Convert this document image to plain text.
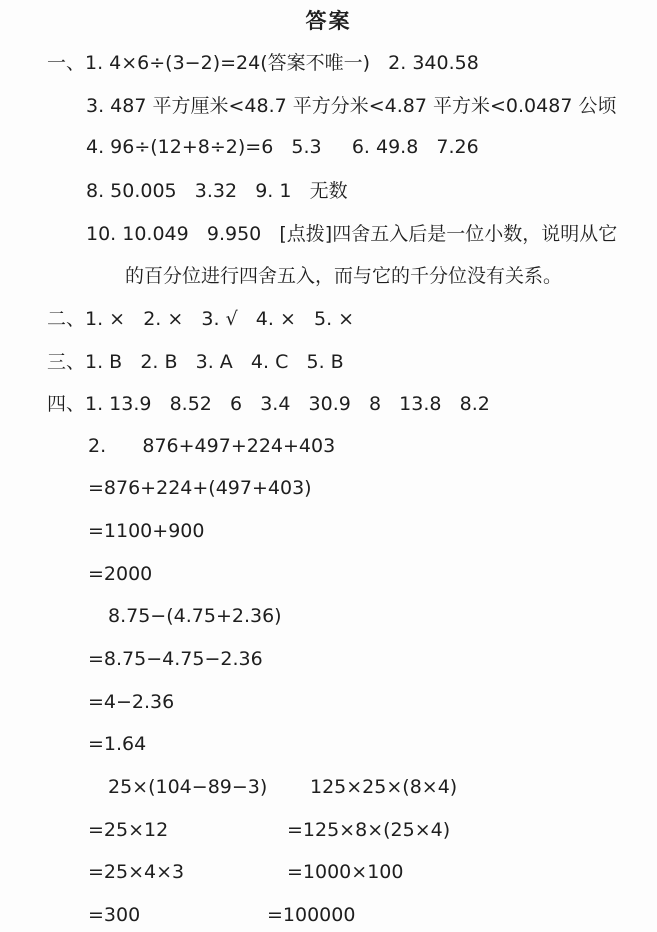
答案
一、1. 4×6÷(3−2)=24(答案不唯一)   2. 340.58
3. 487 平方厘米<48.7 平方分米<4.87 平方米<0.0487 公顷
4. 96÷(12+8÷2)=6   5.3     6. 49.8   7.26
8. 50.005   3.32   9. 1   无数
10. 10.049   9.950   [点拨]四舍五入后是一位小数，说明从它
的百分位进行四舍五入，而与它的千分位没有关系。
二、1. ×   2. ×   3. √   4. ×   5. ×
三、1. B   2. B   3. A   4. C   5. B
四、1. 13.9   8.52   6   3.4   30.9   8   13.8   8.2
2.      876+497+224+403
=876+224+(497+403)
=1100+900
=2000
8.75−(4.75+2.36)
=8.75−4.75−2.36
=4−2.36
=1.64
25×(104−89−3)	125×25×(8×4)
=25×12	=125×8×(25×4)
=25×4×3	=1000×100
=300	=100000
